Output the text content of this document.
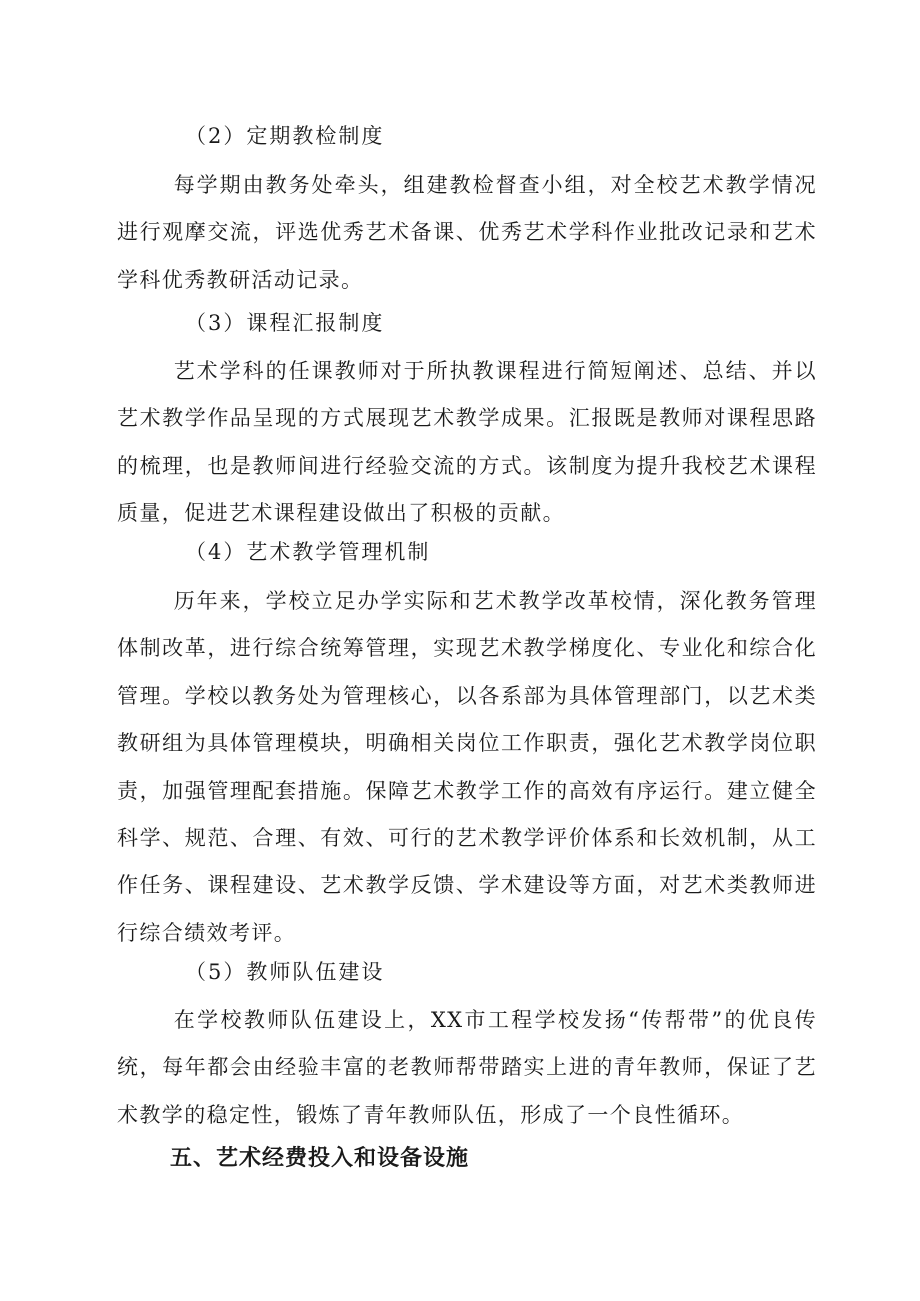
（2）定期教检制度
每学期由教务处牵头，组建教检督查小组，对全校艺术教学情况进行观摩交流，评选优秀艺术备课、优秀艺术学科作业批改记录和艺术学科优秀教研活动记录。
（3）课程汇报制度
艺术学科的任课教师对于所执教课程进行简短阐述、总结、并以艺术教学作品呈现的方式展现艺术教学成果。汇报既是教师对课程思路的梳理，也是教师间进行经验交流的方式。该制度为提升我校艺术课程质量，促进艺术课程建设做出了积极的贡献。
（4）艺术教学管理机制
历年来，学校立足办学实际和艺术教学改革校情，深化教务管理体制改革，进行综合统筹管理，实现艺术教学梯度化、专业化和综合化管理。学校以教务处为管理核心，以各系部为具体管理部门，以艺术类教研组为具体管理模块，明确相关岗位工作职责，强化艺术教学岗位职责，加强管理配套措施。保障艺术教学工作的高效有序运行。建立健全科学、规范、合理、有效、可行的艺术教学评价体系和长效机制，从工作任务、课程建设、艺术教学反馈、学术建设等方面，对艺术类教师进行综合绩效考评。
（5）教师队伍建设
在学校教师队伍建设上，XX市工程学校发扬“传帮带”的优良传统，每年都会由经验丰富的老教师帮带踏实上进的青年教师，保证了艺术教学的稳定性，锻炼了青年教师队伍，形成了一个良性循环。
五、艺术经费投入和设备设施
